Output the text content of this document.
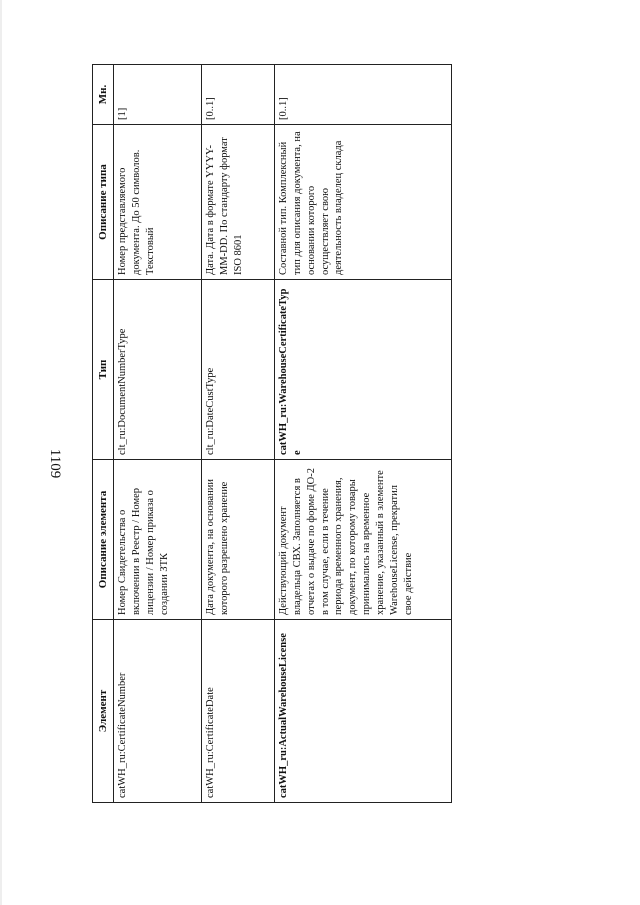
1109
Элемент	Описание элемента	Тип	Описание типа	Мн.
catWH_ru:CertificateNumber	Номер Свидетельства о включении в Реестр / Номер лицензии / Номер приказа о создании ЗТК	clt_ru:DocumentNumberType	Номер представляемого документа. До 50 символов. Текстовый	[1]
catWH_ru:CertificateDate	Дата документа, на основании которого разрешено хранение	clt_ru:DateCustType	Дата. Дата в формате YYYY-MM-DD. По стандарту формат ISO 8601	[0..1]
catWH_ru:ActualWarehouseLicense	Действующий документ владельца СВХ. Заполняется в отчетах о выдаче по форме ДО-2 в том случае, если в течение периода временного хранения, документ, по которому товары принимались на временное хранение, указанный в элементе WarehouseLicense, прекратил свое действие	catWH_ru:WarehouseCertificateType	Составной тип. Комплексный тип для описания документа, на основании которого осуществляет свою деятельность владелец склада	[0..1]
